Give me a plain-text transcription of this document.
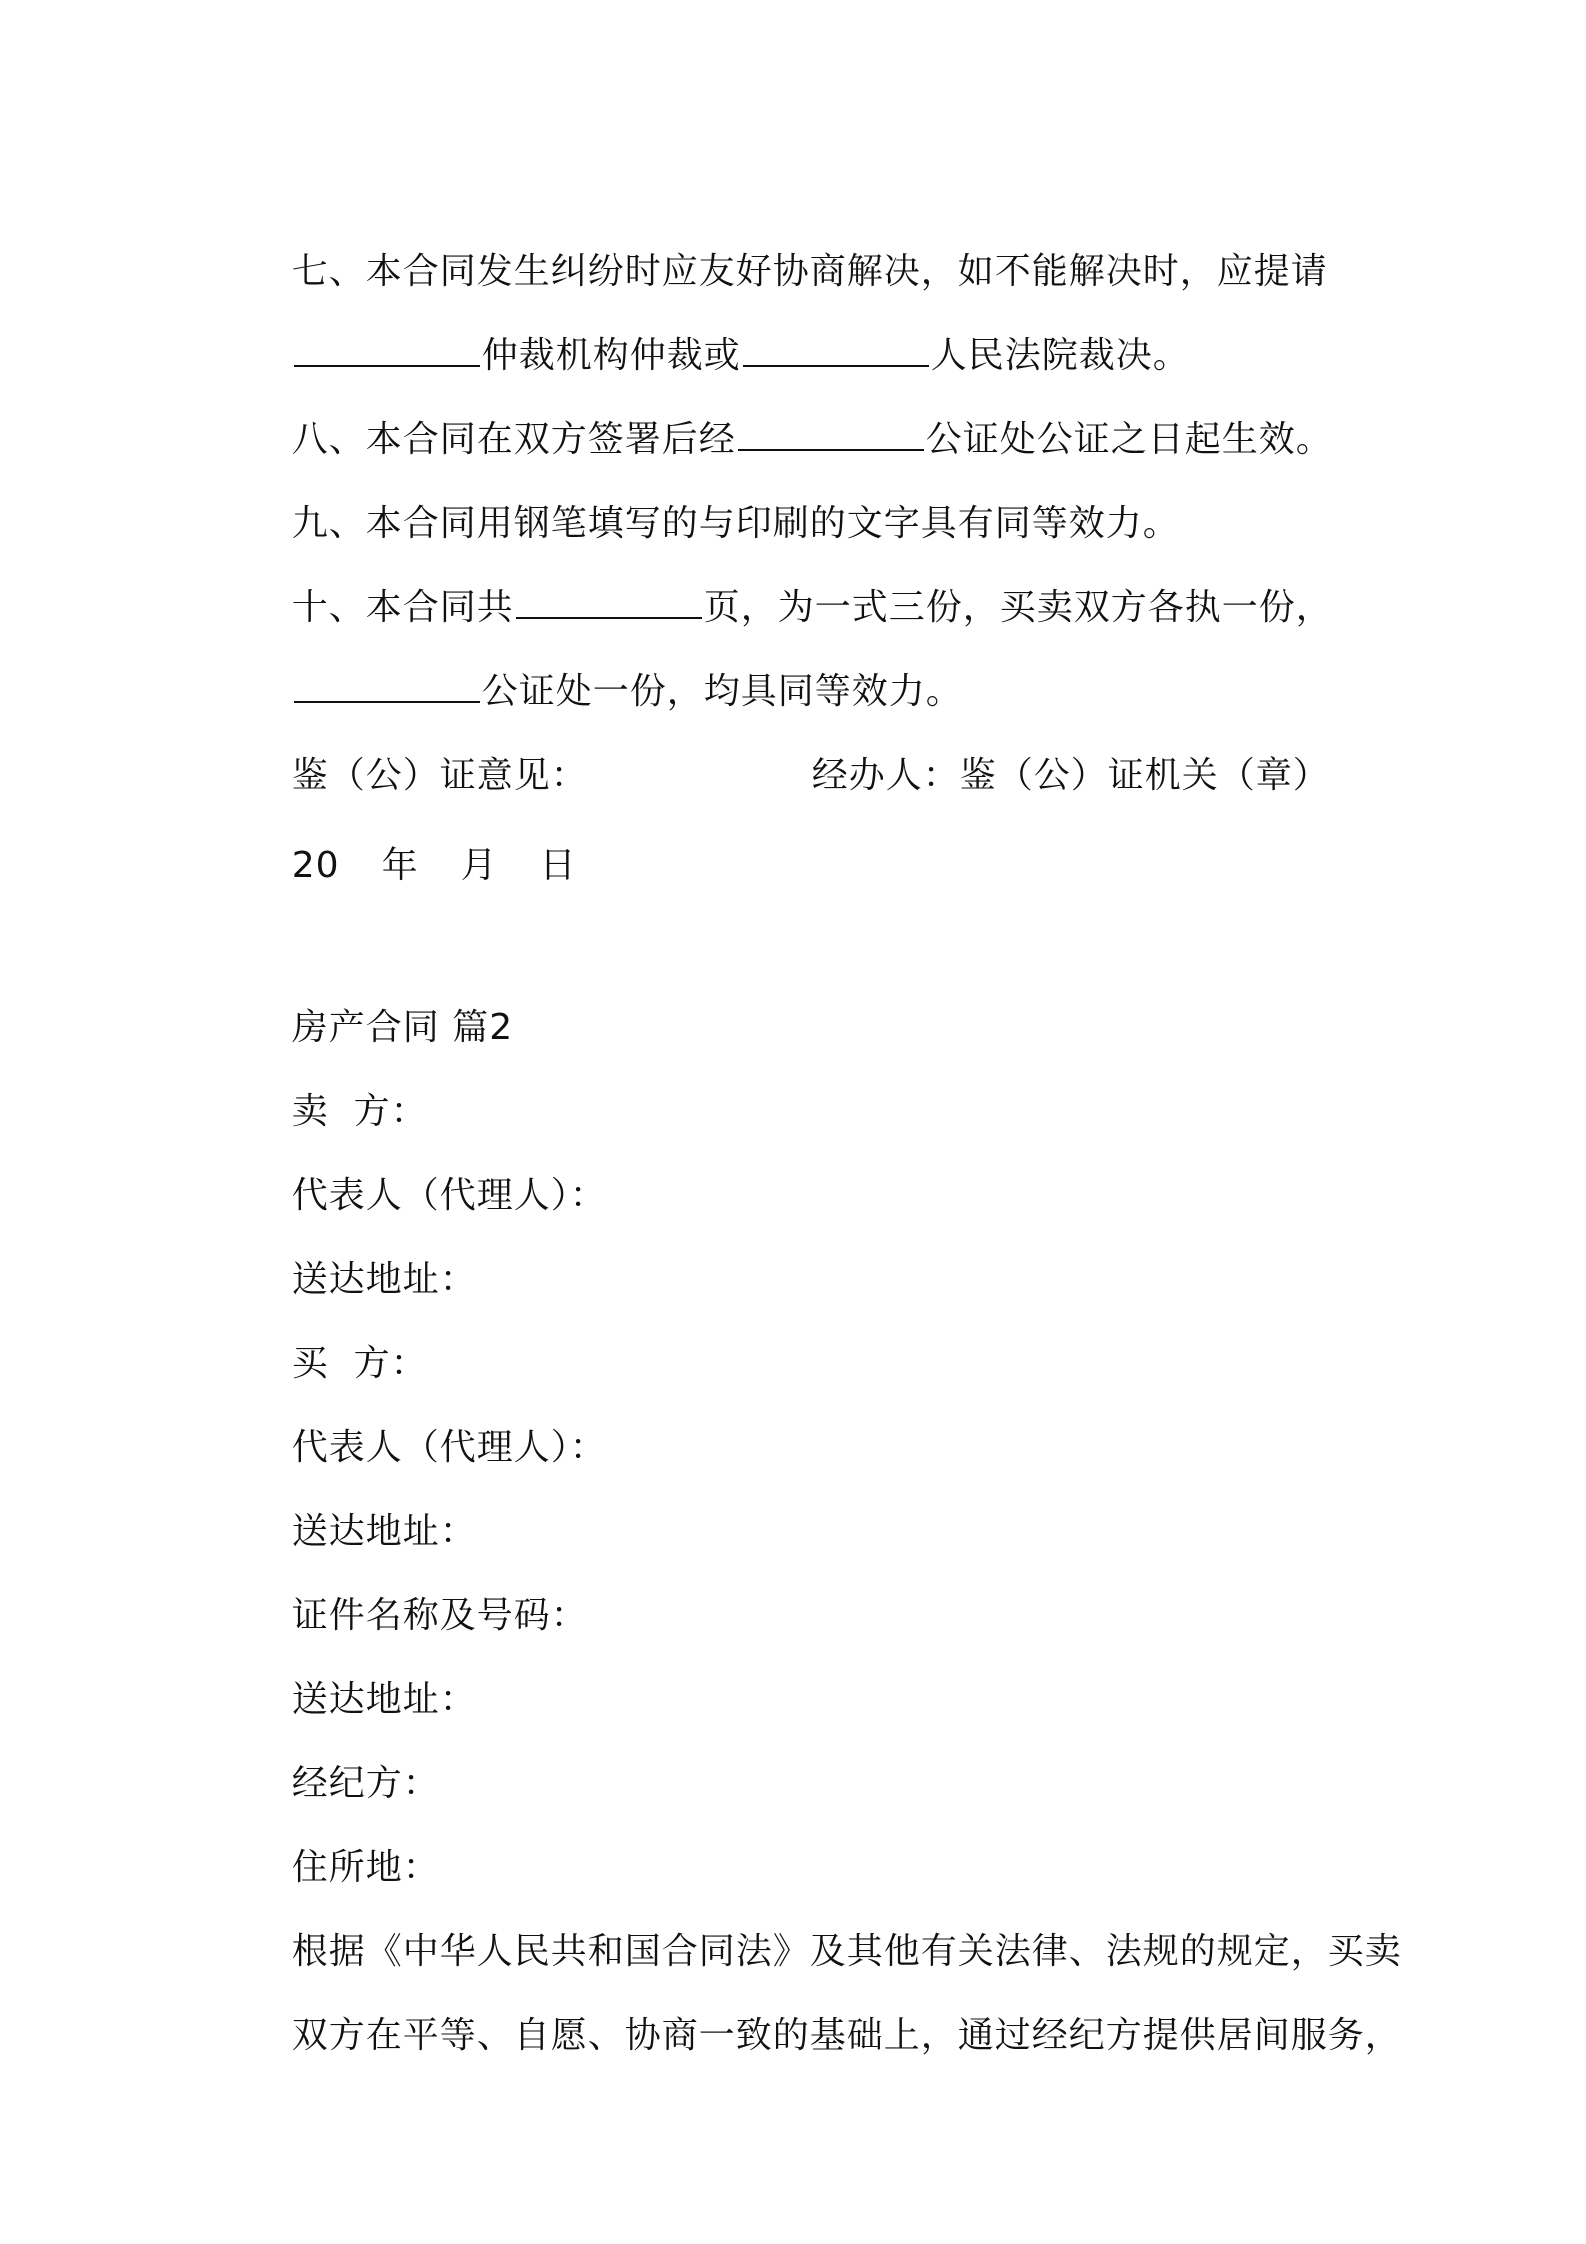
七、本合同发生纠纷时应友好协商解决，如不能解决时，应提请

仲裁机构仲裁或	人民法院裁决。

八、本合同在双方签署后经	公证处公证之日起生效。

九、本合同用钢笔填写的与印刷的文字具有同等效力。

十、本合同共	页，为一式三份，买卖双方各执一份，

公证处一份，均具同等效力。

鉴（公）证意见：	经办人：鉴（公）证机关（章）

20 年 月 日

房产合同 篇2

卖  方：

代表人（代理人）：

送达地址：

买  方：

代表人（代理人）：

送达地址：

证件名称及号码：

送达地址：

经纪方：

住所地：

根据《中华人民共和国合同法》及其他有关法律、法规的规定，买卖

双方在平等、自愿、协商一致的基础上，通过经纪方提供居间服务，
